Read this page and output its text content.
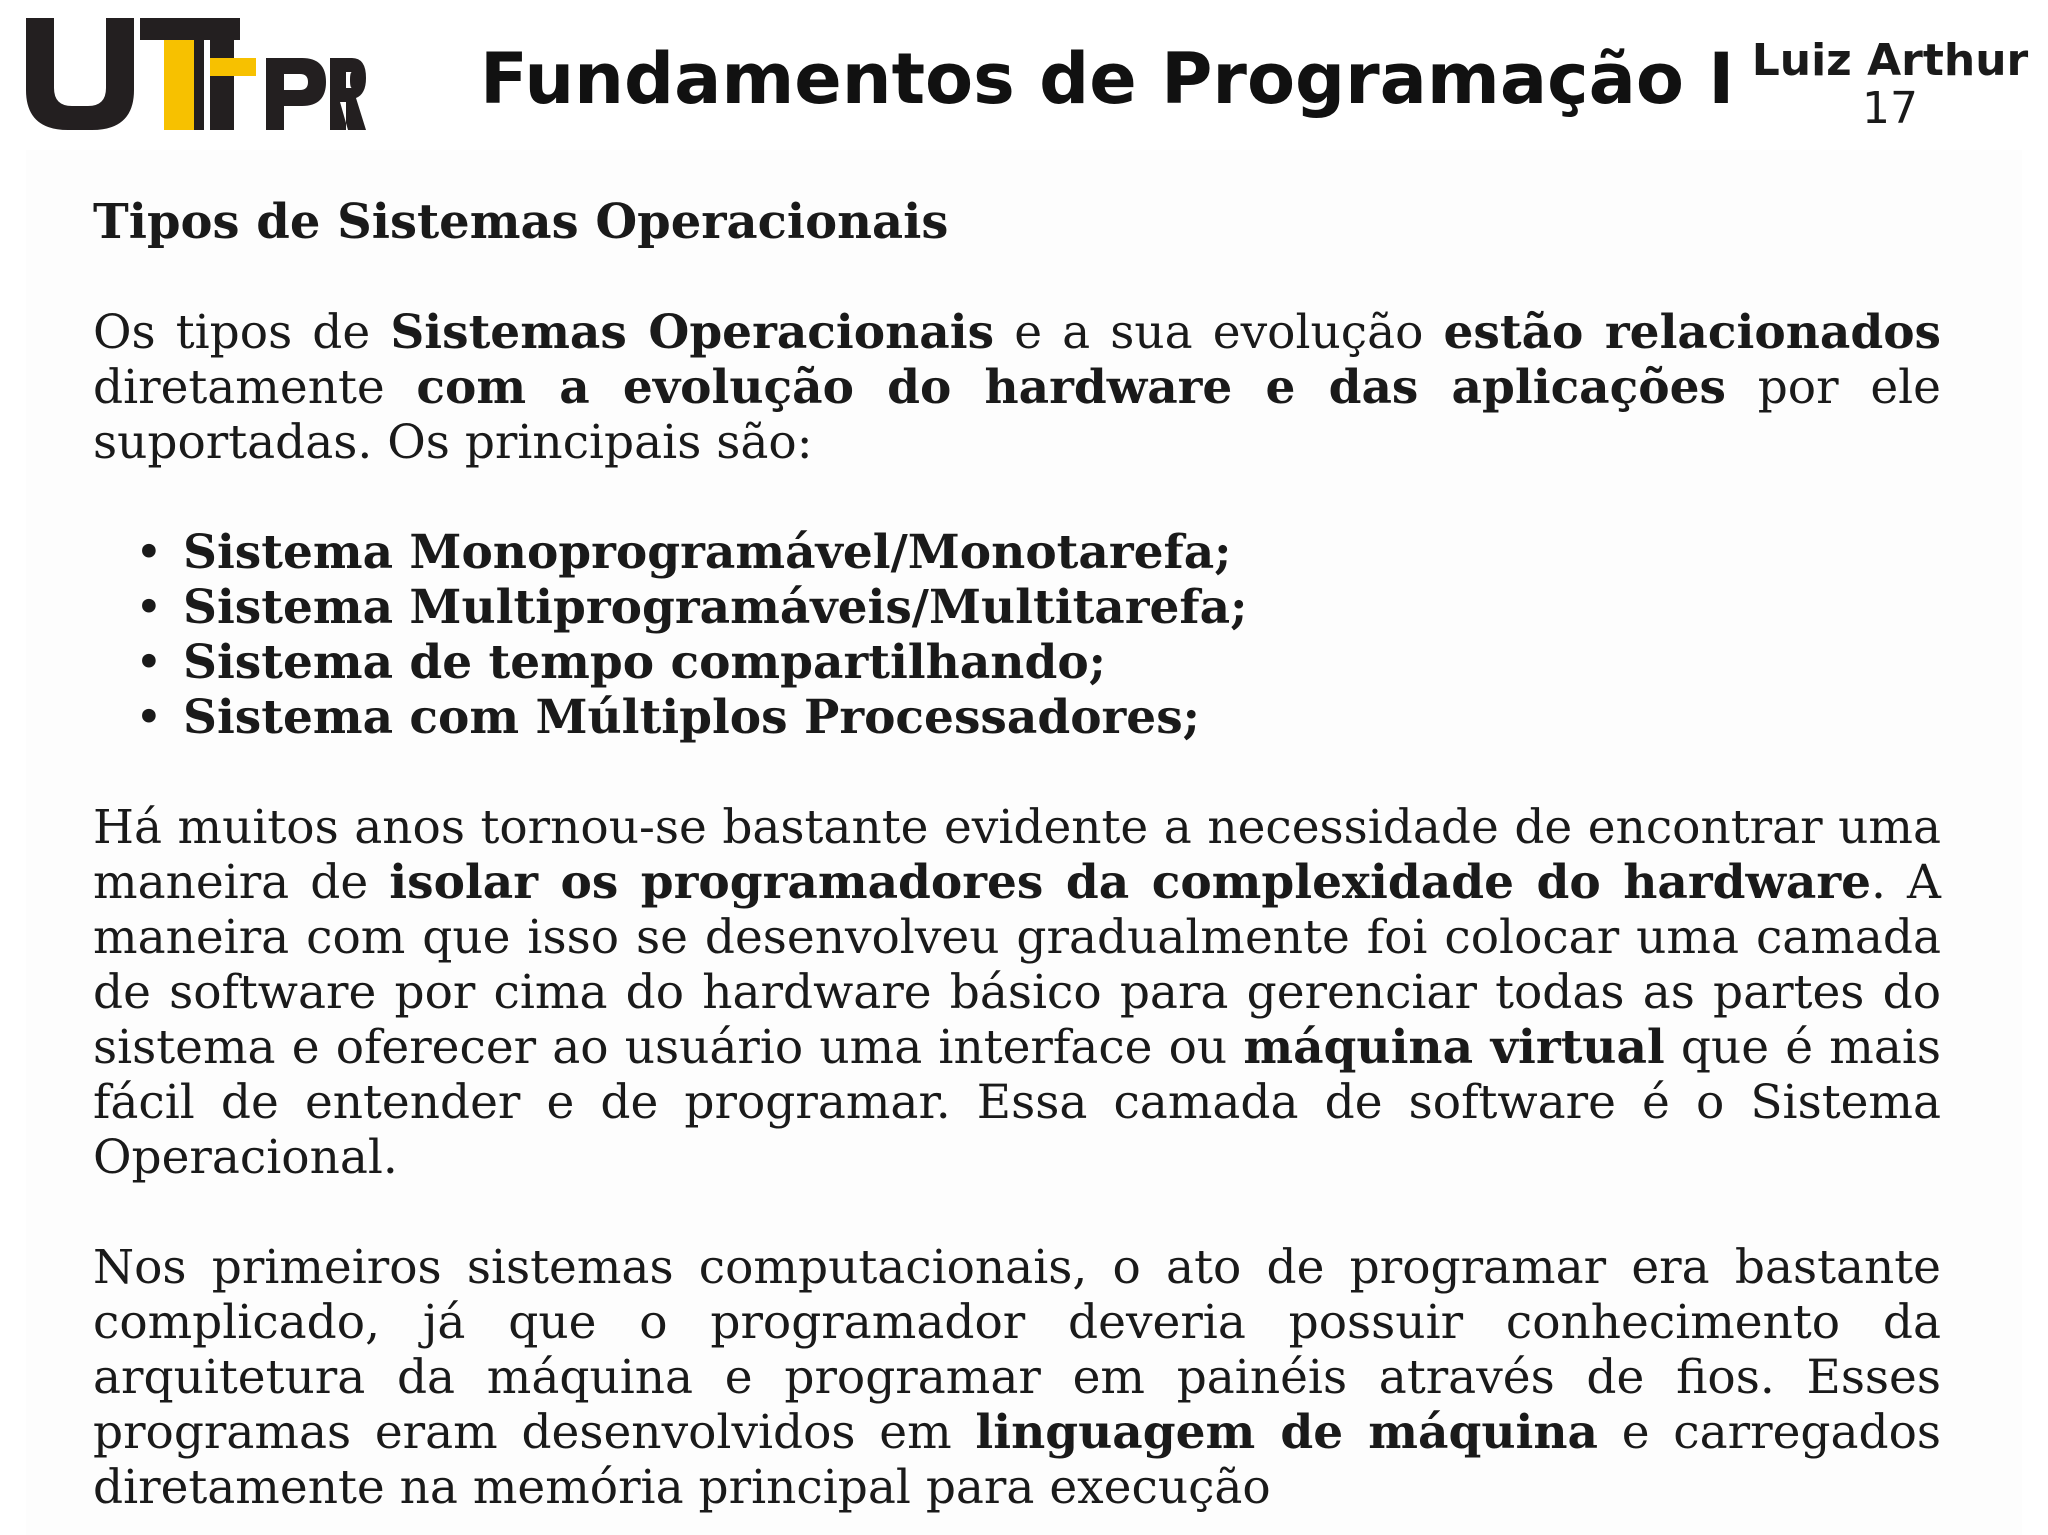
Fundamentos de Programação I Luiz Arthur
17
Tipos de Sistemas Operacionais

Os tipos de Sistemas Operacionais e a sua evolução estão relacionados diretamente com a evolução do hardware e das aplicações por ele suportadas. Os principais são:

• Sistema Monoprogramável/Monotarefa;
• Sistema Multiprogramáveis/Multitarefa;
• Sistema de tempo compartilhando;
• Sistema com Múltiplos Processadores;

Há muitos anos tornou-se bastante evidente a necessidade de encontrar uma maneira de isolar os programadores da complexidade do hardware. A maneira com que isso se desenvolveu gradualmente foi colocar uma camada de software por cima do hardware básico para gerenciar todas as partes do sistema e oferecer ao usuário uma interface ou máquina virtual que é mais fácil de entender e de programar. Essa camada de software é o Sistema Operacional.

Nos primeiros sistemas computacionais, o ato de programar era bastante complicado, já que o programador deveria possuir conhecimento da arquitetura da máquina e programar em painéis através de fios. Esses programas eram desenvolvidos em linguagem de máquina e carregados diretamente na memória principal para execução
